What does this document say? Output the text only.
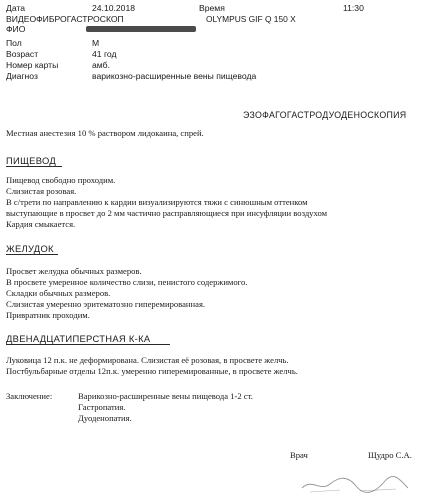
Дата	24.10.2018	Время	11:30
ВИДЕОФИБРОГАСТРОСКОП	OLYMPUS GIF Q 150 X
ФИО
Пол	М
Возраст	41 год
Номер карты	амб.
Диагноз	варикозно-расширенные вены пищевода
ЭЗОФАГОГАСТРОДУОДЕНОСКОПИЯ
Местная анестезия 10 % раствором лидокаина, спрей.
ПИЩЕВОД
Пищевод свободно проходим.
Слизистая розовая.
В с/трети по направлению к кардии визуализируются тяжи с синюшным оттенком
выступающие в просвет до 2 мм частично расправляющиеся при инсуфляции воздухом
Кардия смыкается.
ЖЕЛУДОК
Просвет желудка обычных размеров.
В просвете умеренное количество слизи, пенистого содержимого.
Складки обычных размеров.
Слизистая умеренно эритематозно гиперемированная.
Привратник проходим.
ДВЕНАДЦАТИПЕРСТНАЯ К-КА
Луковица 12 п.к. не деформирована. Слизистая её розовая, в просвете желчь.
Постбульбарные отделы 12п.к. умеренно гиперемированные, в просвете желчь.
Заключение:	Варикозно-расширенные вены пищевода 1-2 ст.
Гастропатия.
Дуоденопатия.
Врач	Щудро С.А.
